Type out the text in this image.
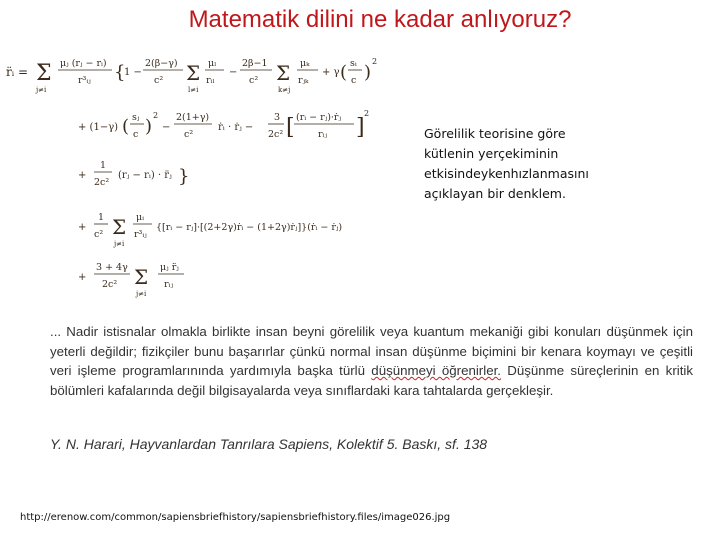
Matematik dilini ne kadar anlıyoruz?
r̈ᵢ = Σ
j≠i
μⱼ (rⱼ − rᵢ)
r³ᵢⱼ {
1 −
2(β−γ)
c² Σ
l≠i
μₗ
rᵢₗ
−
2β−1
c² Σ
k≠j
μₖ
rⱼₖ
+ γ ( sᵢ
c )
2
+ (1−γ) ( sⱼ
c )
2
−
2(1+γ)
c²
ṙᵢ · ṙⱼ −
3
2c² [ (rᵢ − rⱼ)·ṙⱼ
rᵢⱼ ]
2
+
1
2c²
(rⱼ − rᵢ) · r̈ⱼ }
+
1
c² Σ
j≠i
μᵢ
r³ᵢⱼ
{[rᵢ − rⱼ]·[(2+2γ)ṙᵢ − (1+2γ)ṙⱼ]}(ṙᵢ − ṙⱼ)
+
3 + 4γ
2c² Σ
j≠i
μⱼ r̈ⱼ
rᵢⱼ
Görelilik teorisine göre
kütlenin yerçekiminin
etkisindeykenhızlanmasını
açıklayan bir denklem.
... Nadir istisnalar olmakla birlikte insan beyni görelilik veya kuantum mekaniği gibi konuları düşünmek için yeterli değildir; fizikçiler bunu başarırlar çünkü normal insan düşünme biçimini bir kenara koymayı ve çeşitli veri işleme programlarınında yardımıyla başka türlü düşünmeyi öğrenirler. Düşünme süreçlerinin en kritik bölümleri kafalarında değil bilgisayalarda veya sınıflardaki kara tahtalarda gerçekleşir.
Y. N. Harari, Hayvanlardan Tanrılara Sapiens, Kolektif 5. Baskı, sf. 138
http://erenow.com/common/sapiensbriefhistory/sapiensbriefhistory.files/image026.jpg
